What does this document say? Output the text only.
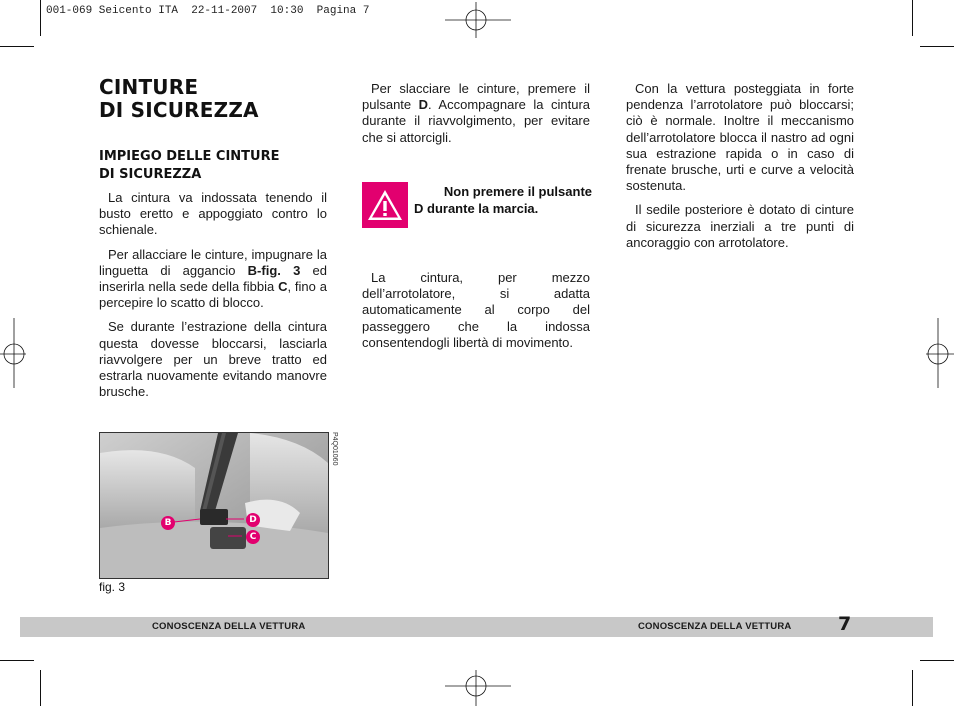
001-069 Seicento ITA  22-11-2007  10:30  Pagina 7
CINTURE
DI SICUREZZA
IMPIEGO DELLE CINTURE
DI SICUREZZA

La cintura va indossata tenendo il busto eretto e appoggiato contro lo schienale.

Per allacciare le cinture, impugnare la linguetta di aggancio B-fig. 3 ed inserirla nella sede della fibbia C, fino a percepire lo scatto di blocco.

Se durante l’estrazione della cintura questa dovesse bloccarsi, lasciarla riavvolgere per un breve tratto ed estrarla nuovamente evitando manovre brusche.

B	D
C
P4Q01060
fig. 3

Per slacciare le cinture, premere il pulsante D. Accompagnare la cintura durante il riavvolgimento, per evitare che si attorcigli.

Non premere il pulsante
D durante la marcia.

La cintura, per mezzo dell’arrotolatore, si adatta automaticamente al corpo del passeggero che la indossa consentendogli libertà di movimento.

Con la vettura posteggiata in forte pendenza l’arrotolatore può bloccarsi; ciò è normale. Inoltre il meccanismo dell’arrotolatore blocca il nastro ad ogni sua estrazione rapida o in caso di frenate brusche, urti e curve a velocità sostenuta.

Il sedile posteriore è dotato di cinture di sicurezza inerziali a tre punti di ancoraggio con arrotolatore.

CONOSCENZA DELLA VETTURA	CONOSCENZA DELLA VETTURA 7
